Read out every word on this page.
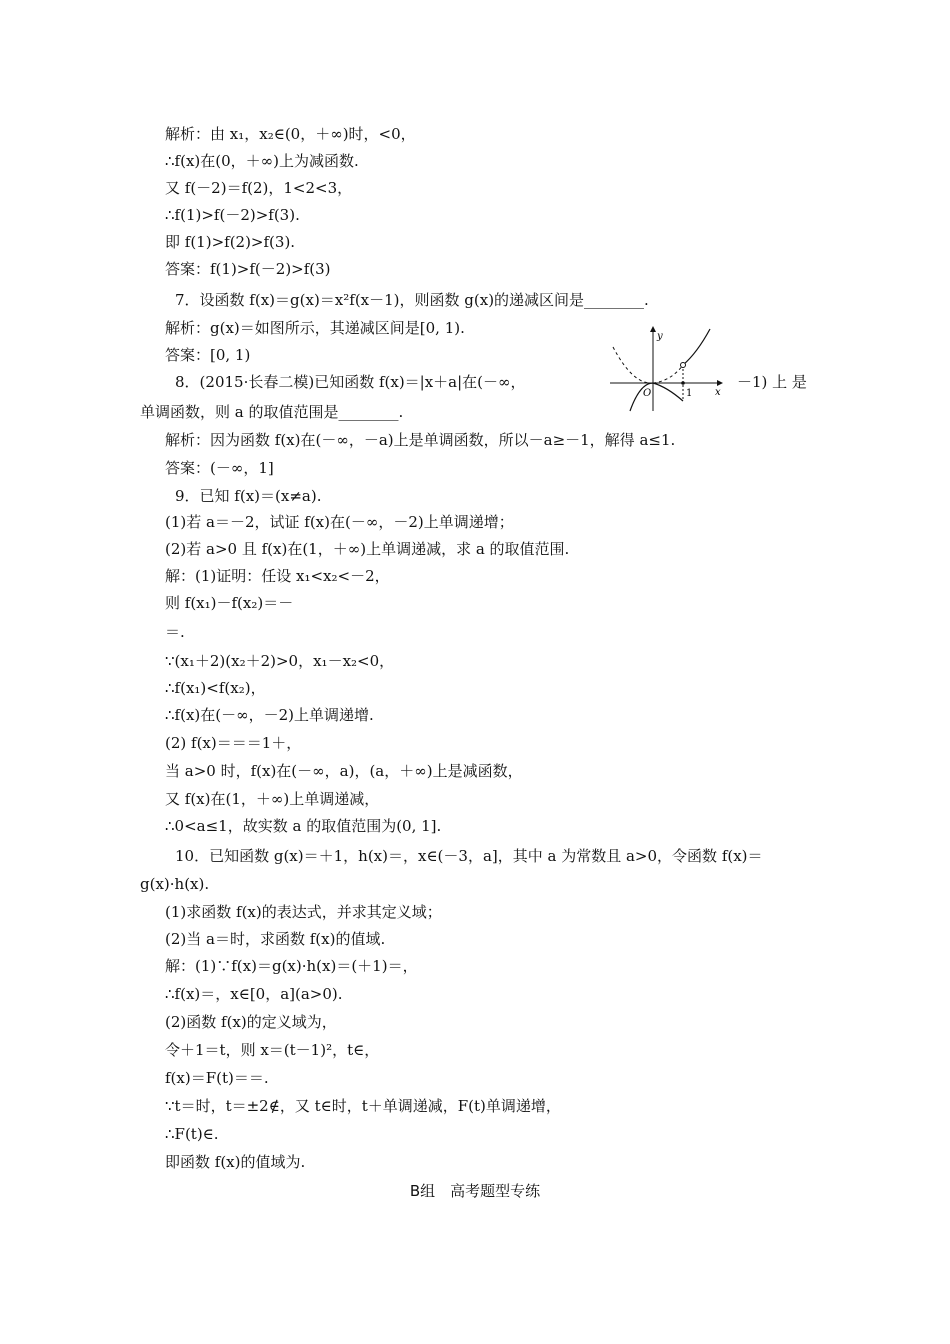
解析：由 x₁，x₂∈(0，＋∞)时，<0，
∴f(x)在(0，＋∞)上为减函数.
又 f(－2)＝f(2)，1<2<3，
∴f(1)>f(－2)>f(3).
即 f(1)>f(2)>f(3).
答案：f(1)>f(－2)>f(3)
7．设函数 f(x)＝g(x)＝x²f(x－1)，则函数 g(x)的递减区间是________.
解析：g(x)＝如图所示，其递减区间是[0, 1).
答案：[0, 1)
8．(2015·长春二模)已知函数 f(x)＝|x＋a|在(－∞，	－1) 上 是
单调函数，则 a 的取值范围是________.
解析：因为函数 f(x)在(－∞，－a)上是单调函数，所以－a≥－1，解得 a≤1.
答案：(－∞，1]
9．已知 f(x)＝(x≠a).
(1)若 a＝－2，试证 f(x)在(－∞，－2)上单调递增；
(2)若 a>0 且 f(x)在(1，＋∞)上单调递减，求 a 的取值范围.
解：(1)证明：任设 x₁<x₂<－2，
则 f(x₁)－f(x₂)＝－
＝.
∵(x₁＋2)(x₂＋2)>0，x₁－x₂<0，
∴f(x₁)<f(x₂)，
∴f(x)在(－∞，－2)上单调递增.
(2) f(x)＝＝＝1＋，
当 a>0 时，f(x)在(－∞，a)，(a，＋∞)上是减函数，
又 f(x)在(1，＋∞)上单调递减，
∴0<a≤1，故实数 a 的取值范围为(0, 1].
10．已知函数 g(x)＝＋1，h(x)＝，x∈(－3，a]，其中 a 为常数且 a>0，令函数 f(x)＝
g(x)·h(x).
(1)求函数 f(x)的表达式，并求其定义域；
(2)当 a＝时，求函数 f(x)的值域.
解：(1)∵f(x)＝g(x)·h(x)＝(＋1)＝，
∴f(x)＝，x∈[0，a](a>0).
(2)函数 f(x)的定义域为，
令＋1＝t，则 x＝(t－1)²，t∈，
f(x)＝F(t)＝＝.
∵t＝时，t＝±2∉，又 t∈时，t＋单调递减，F(t)单调递增，
∴F(t)∈.
即函数 f(x)的值域为.
y
x
O	1
B组　高考题型专练
